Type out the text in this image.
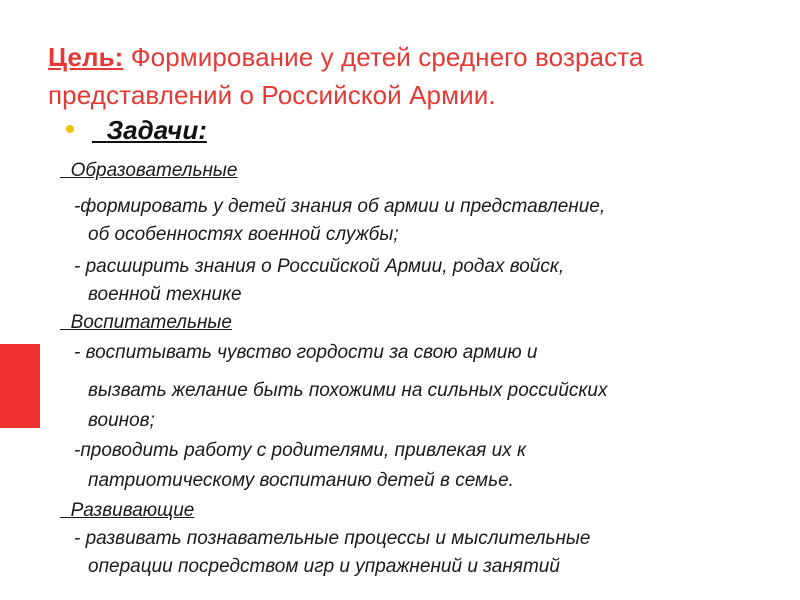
Цель: Формирование у детей среднего возраста
представлений о Российской Армии.
Задачи:
Образовательные
-формировать у детей знания об армии и представление,
об особенностях военной службы;
- расширить знания о Российской Армии, родах войск,
военной технике
Воспитательные
- воспитывать чувство гордости за свою армию и
вызвать желание быть похожими на сильных российских
воинов;
-проводить работу с родителями, привлекая их к
патриотическому воспитанию детей в семье.
Развивающие
- развивать познавательные процессы и мыслительные
операции посредством игр и упражнений и занятий
